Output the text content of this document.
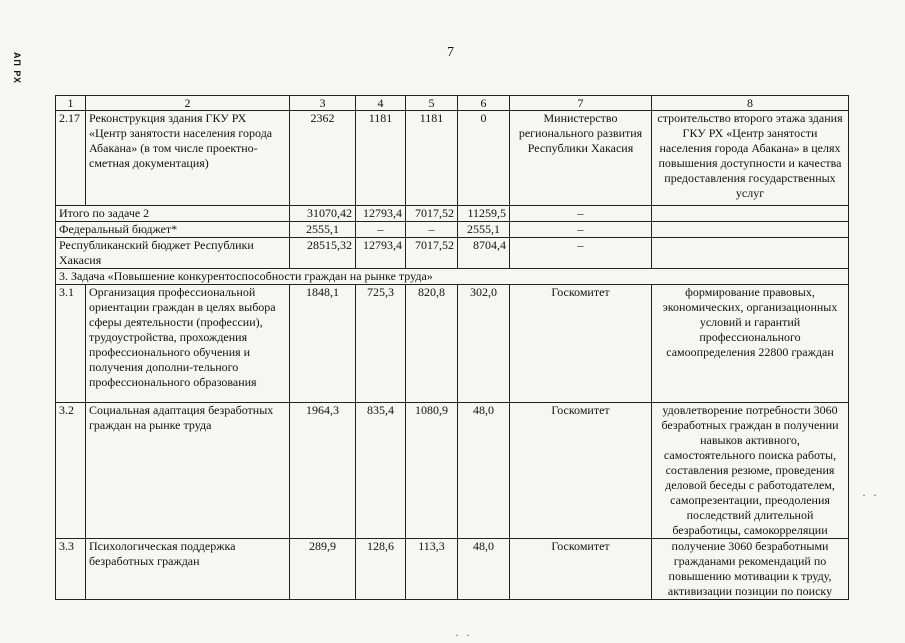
АП РХ	7
1	2	3	4	5	6	7	8
2.17	Реконструкция здания ГКУ РХ «Центр занятости населения города Абакана» (в том числе проектно-сметная документация)	2362	1181	1181	0	Министерство регионального развития Республики Хакасия	строительство второго этажа здания ГКУ РХ «Центр занятости населения города Абакана» в целях повышения доступности и качества предоставления государственных услуг
Итого по задаче 2		31070,42	12793,4	7017,52	11259,5	–	
Федеральный бюджет*		2555,1	–	–	2555,1	–	
Республиканский бюджет Республики Хакасия		28515,32	12793,4	7017,52	8704,4	–	
3. Задача «Повышение конкурентоспособности граждан на рынке труда»							
3.1	Организация профессиональной ориентации граждан в целях выбора сферы деятельности (профессии), трудоустройства, прохождения профессионального обучения и получения дополни-тельного профессионального образования	1848,1	725,3	820,8	302,0	Госкомитет	формирование правовых, экономических, организационных условий и гарантий профессионального самоопределения 22800 граждан
3.2	Социальная адаптация безработных граждан на рынке труда	1964,3	835,4	1080,9	48,0	Госкомитет	удовлетворение потребности 3060 безработных граждан в получении навыков активного, самостоятельного поиска работы, составления резюме, проведения деловой беседы с работодателем, самопрезентации, преодоления последствий длительной безработицы, самокорреляции
3.3	Психологическая поддержка безработных граждан	289,9	128,6	113,3	48,0	Госкомитет	получение 3060 безработными гражданами рекомендаций по повышению мотивации к труду, активизации позиции по поиску
· ·
· ·
